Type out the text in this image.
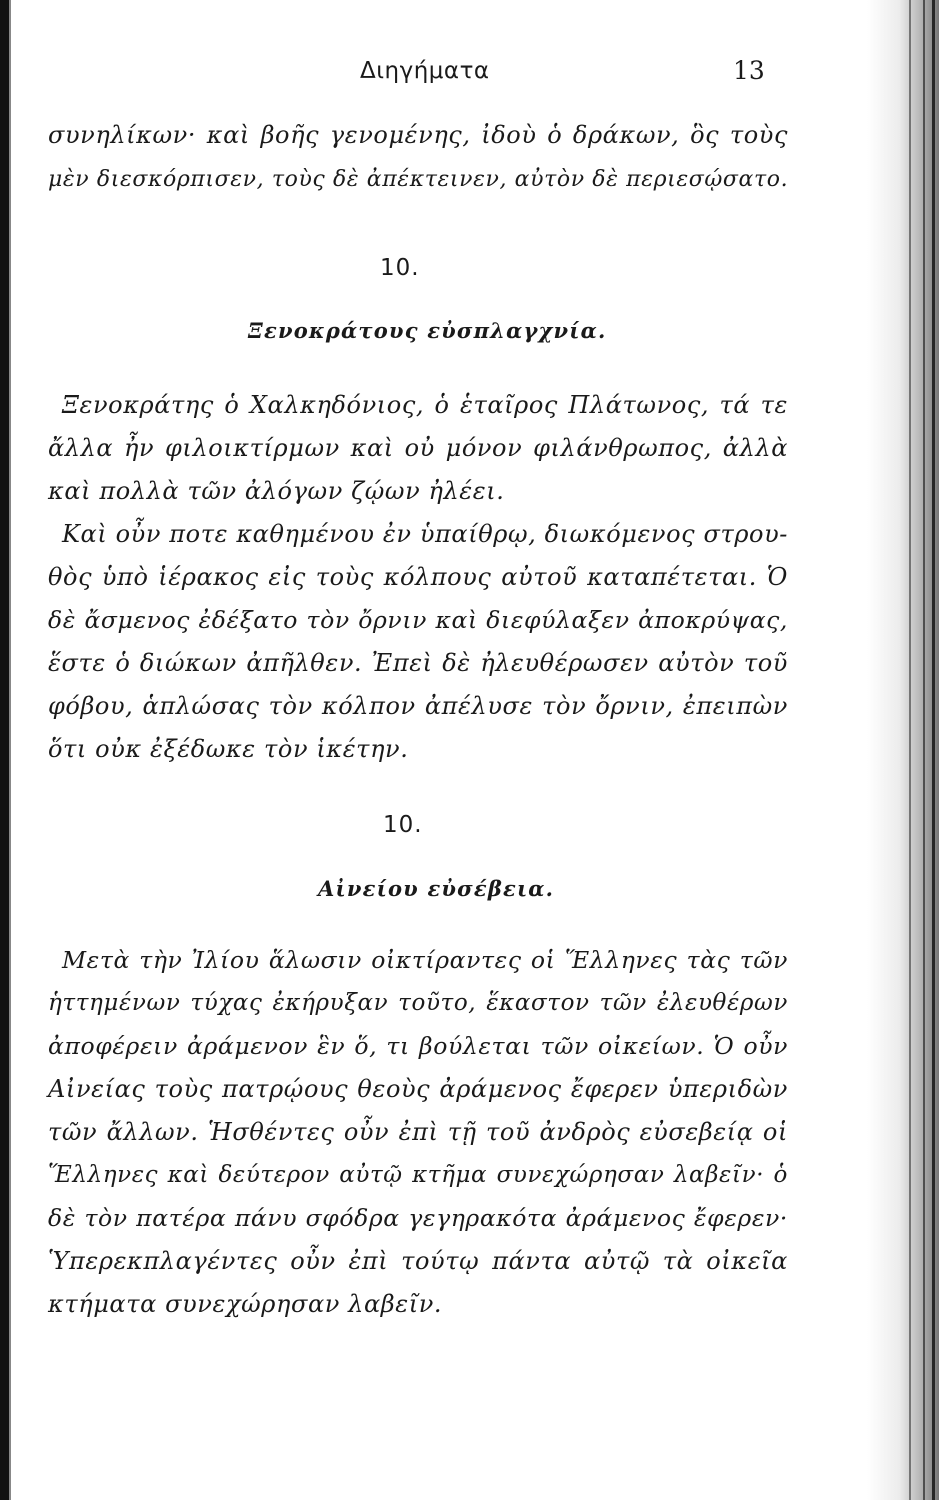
Διηγήματα	13
συνηλίκων· καὶ βοῆς γενομένης, ἰδοὺ ὁ δράκων, ὃς τοὺς
μὲν διεσκόρπισεν, τοὺς δὲ ἀπέκτεινεν, αὐτὸν δὲ περιεσῴσατο.
10.
Ξενοκράτους εὐσπλαγχνία.
Ξενοκράτης ὁ Χαλκηδόνιος, ὁ ἑταῖρος Πλάτωνος, τά τε
ἄλλα ἦν φιλοικτίρμων καὶ οὐ μόνον φιλάνθρωπος, ἀλλὰ
καὶ πολλὰ τῶν ἀλόγων ζῴων ἠλέει.
Καὶ οὖν ποτε καθημένου ἐν ὑπαίθρῳ, διωκόμενος στρου-
θὸς ὑπὸ ἱέρακος εἰς τοὺς κόλπους αὐτοῦ καταπέτεται. Ὁ
δὲ ἄσμενος ἐδέξατο τὸν ὄρνιν καὶ διεφύλαξεν ἀποκρύψας,
ἕστε ὁ διώκων ἀπῆλθεν. Ἐπεὶ δὲ ἠλευθέρωσεν αὐτὸν τοῦ
φόβου, ἁπλώσας τὸν κόλπον ἀπέλυσε τὸν ὄρνιν, ἐπειπὼν
ὅτι οὐκ ἐξέδωκε τὸν ἱκέτην.
10.
Αἰνείου εὐσέβεια.
Μετὰ τὴν Ἰλίου ἅλωσιν οἰκτίραντες οἱ Ἕλληνες τὰς τῶν
ἡττημένων τύχας ἐκήρυξαν τοῦτο, ἕκαστον τῶν ἐλευθέρων
ἀποφέρειν ἀράμενον ἓν ὅ, τι βούλεται τῶν οἰκείων. Ὁ οὖν
Αἰνείας τοὺς πατρῴους θεοὺς ἀράμενος ἔφερεν ὑπεριδὼν
τῶν ἄλλων. Ἡσθέντες οὖν ἐπὶ τῇ τοῦ ἀνδρὸς εὐσεβείᾳ οἱ
Ἕλληνες καὶ δεύτερον αὐτῷ κτῆμα συνεχώρησαν λαβεῖν· ὁ
δὲ τὸν πατέρα πάνυ σφόδρα γεγηρακότα ἀράμενος ἔφερεν·
Ὑπερεκπλαγέντες οὖν ἐπὶ τούτῳ πάντα αὐτῷ τὰ οἰκεῖα
κτήματα συνεχώρησαν λαβεῖν.
